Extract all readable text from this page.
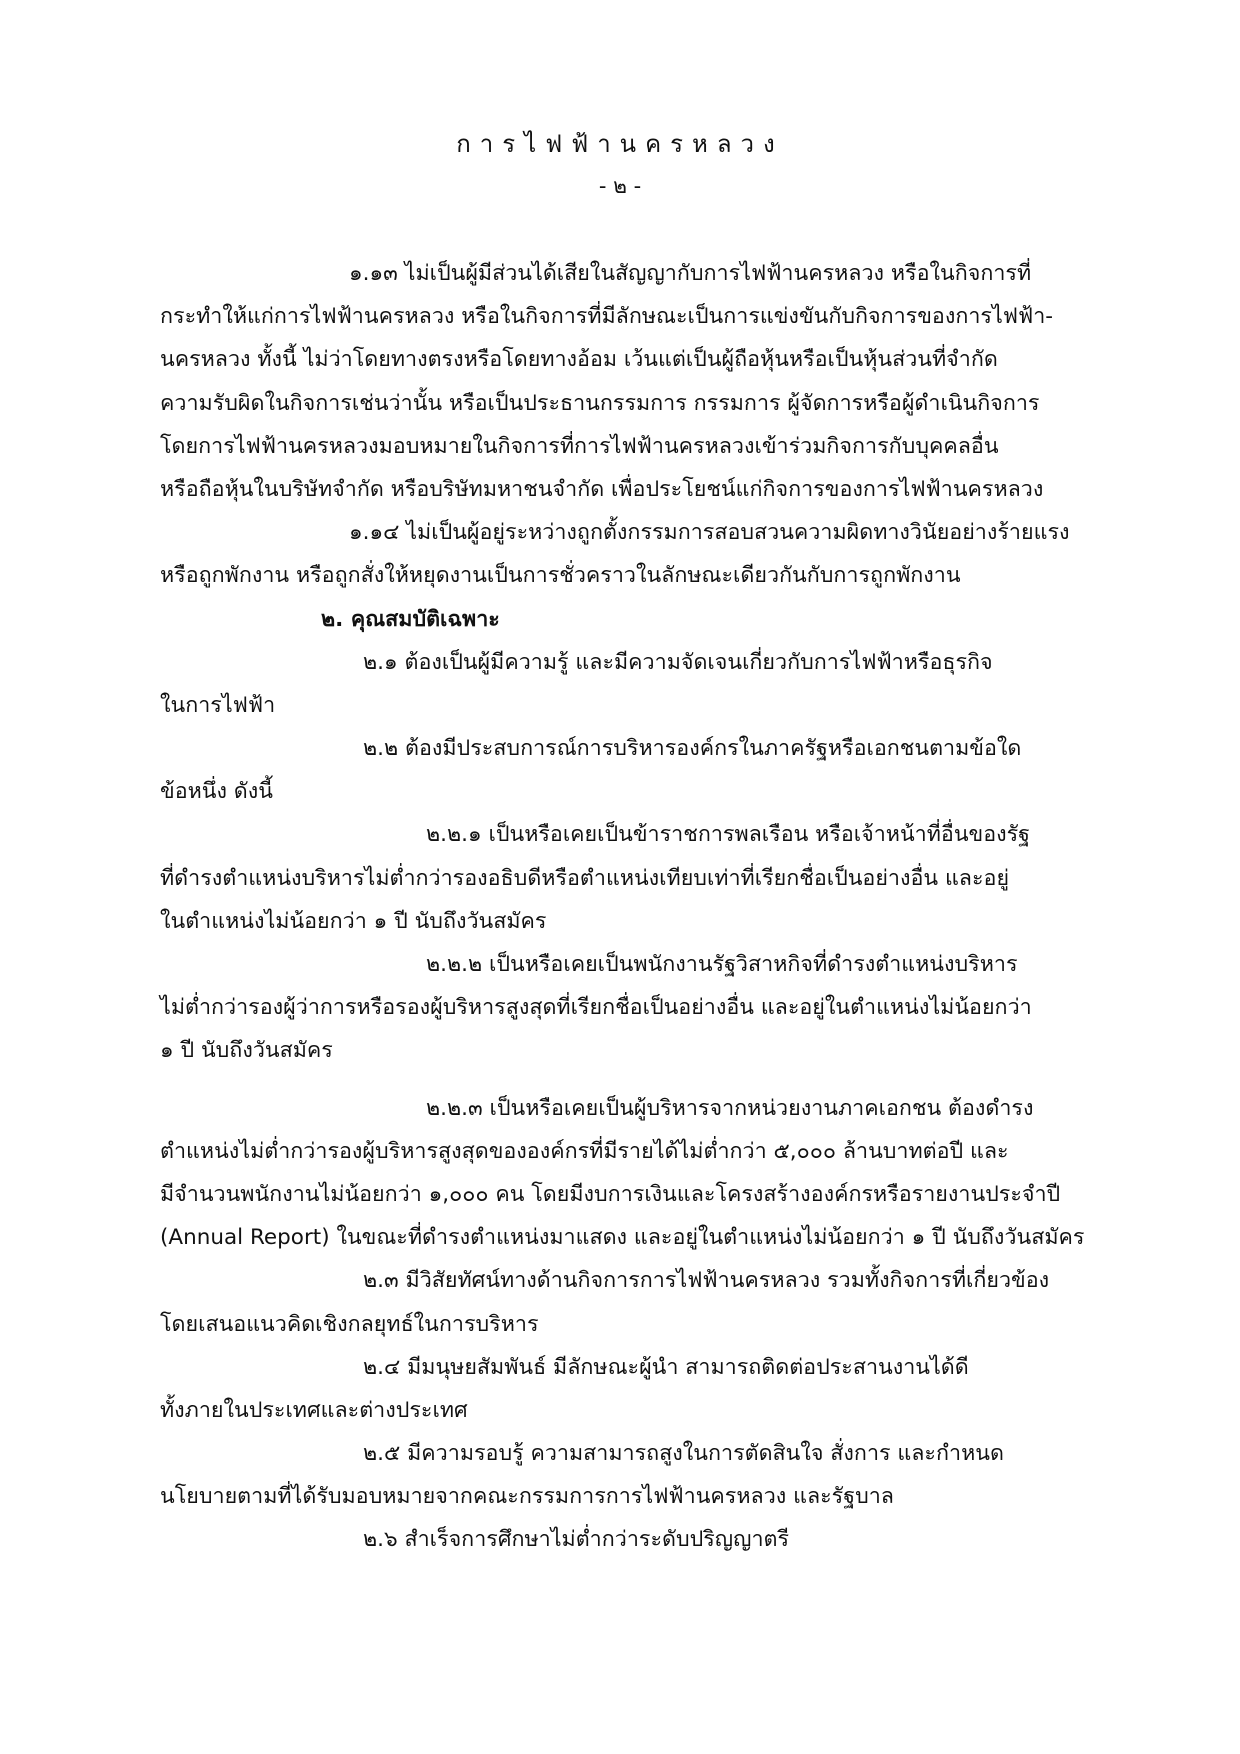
การไฟฟ้านครหลวง
- ๒ -
๑.๑๓ ไม่เป็นผู้มีส่วนได้เสียในสัญญากับการไฟฟ้านครหลวง หรือในกิจการที่
กระทำให้แก่การไฟฟ้านครหลวง หรือในกิจการที่มีลักษณะเป็นการแข่งขันกับกิจการของการไฟฟ้า-
นครหลวง ทั้งนี้ ไม่ว่าโดยทางตรงหรือโดยทางอ้อม เว้นแต่เป็นผู้ถือหุ้นหรือเป็นหุ้นส่วนที่จำกัด
ความรับผิดในกิจการเช่นว่านั้น หรือเป็นประธานกรรมการ กรรมการ ผู้จัดการหรือผู้ดำเนินกิจการ
โดยการไฟฟ้านครหลวงมอบหมายในกิจการที่การไฟฟ้านครหลวงเข้าร่วมกิจการกับบุคคลอื่น
หรือถือหุ้นในบริษัทจำกัด หรือบริษัทมหาชนจำกัด เพื่อประโยชน์แก่กิจการของการไฟฟ้านครหลวง
๑.๑๔ ไม่เป็นผู้อยู่ระหว่างถูกตั้งกรรมการสอบสวนความผิดทางวินัยอย่างร้ายแรง
หรือถูกพักงาน หรือถูกสั่งให้หยุดงานเป็นการชั่วคราวในลักษณะเดียวกันกับการถูกพักงาน
๒. คุณสมบัติเฉพาะ
๒.๑ ต้องเป็นผู้มีความรู้ และมีความจัดเจนเกี่ยวกับการไฟฟ้าหรือธุรกิจ
ในการไฟฟ้า
๒.๒ ต้องมีประสบการณ์การบริหารองค์กรในภาครัฐหรือเอกชนตามข้อใด
ข้อหนึ่ง ดังนี้
๒.๒.๑ เป็นหรือเคยเป็นข้าราชการพลเรือน หรือเจ้าหน้าที่อื่นของรัฐ
ที่ดำรงตำแหน่งบริหารไม่ต่ำกว่ารองอธิบดีหรือตำแหน่งเทียบเท่าที่เรียกชื่อเป็นอย่างอื่น และอยู่
ในตำแหน่งไม่น้อยกว่า ๑ ปี นับถึงวันสมัคร
๒.๒.๒ เป็นหรือเคยเป็นพนักงานรัฐวิสาหกิจที่ดำรงตำแหน่งบริหาร
ไม่ต่ำกว่ารองผู้ว่าการหรือรองผู้บริหารสูงสุดที่เรียกชื่อเป็นอย่างอื่น และอยู่ในตำแหน่งไม่น้อยกว่า
๑ ปี นับถึงวันสมัคร
๒.๒.๓ เป็นหรือเคยเป็นผู้บริหารจากหน่วยงานภาคเอกชน ต้องดำรง
ตำแหน่งไม่ต่ำกว่ารองผู้บริหารสูงสุดขององค์กรที่มีรายได้ไม่ต่ำกว่า ๕,๐๐๐ ล้านบาทต่อปี และ
มีจำนวนพนักงานไม่น้อยกว่า ๑,๐๐๐ คน โดยมีงบการเงินและโครงสร้างองค์กรหรือรายงานประจำปี
(Annual Report) ในขณะที่ดำรงตำแหน่งมาแสดง และอยู่ในตำแหน่งไม่น้อยกว่า ๑ ปี นับถึงวันสมัคร
๒.๓ มีวิสัยทัศน์ทางด้านกิจการการไฟฟ้านครหลวง รวมทั้งกิจการที่เกี่ยวข้อง
โดยเสนอแนวคิดเชิงกลยุทธ์ในการบริหาร
๒.๔ มีมนุษยสัมพันธ์ มีลักษณะผู้นำ สามารถติดต่อประสานงานได้ดี
ทั้งภายในประเทศและต่างประเทศ
๒.๕ มีความรอบรู้ ความสามารถสูงในการตัดสินใจ สั่งการ และกำหนด
นโยบายตามที่ได้รับมอบหมายจากคณะกรรมการการไฟฟ้านครหลวง และรัฐบาล
๒.๖ สำเร็จการศึกษาไม่ต่ำกว่าระดับปริญญาตรี
